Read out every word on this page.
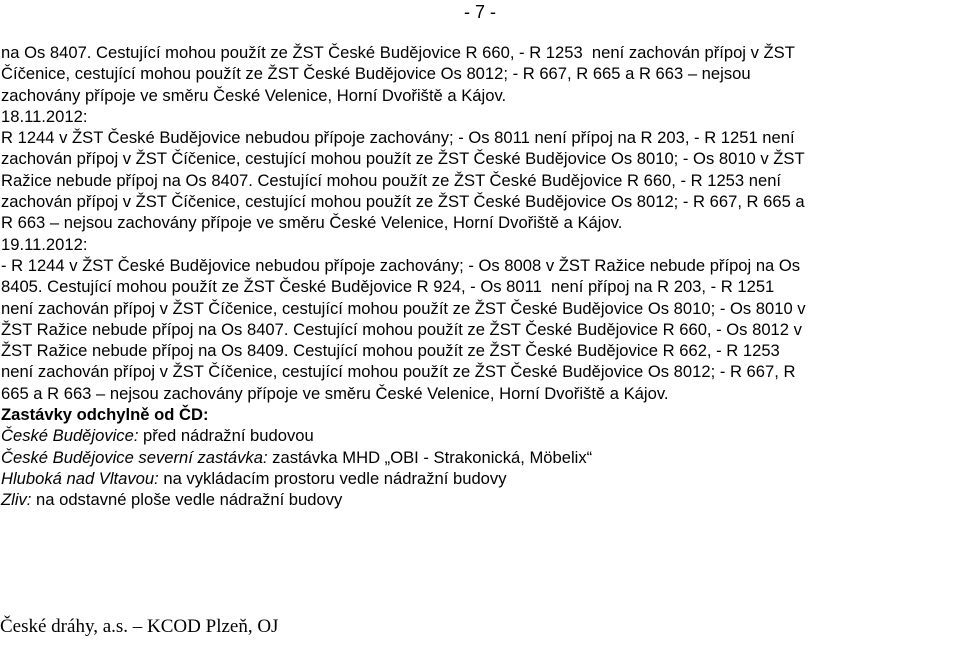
- 7 -
na Os 8407. Cestující mohou použít ze ŽST České Budějovice R 660, - R 1253  není zachován přípoj v ŽST
Číčenice, cestující mohou použít ze ŽST České Budějovice Os 8012; - R 667, R 665 a R 663 – nejsou
zachovány přípoje ve směru České Velenice, Horní Dvořiště a Kájov.
18.11.2012:
R 1244 v ŽST České Budějovice nebudou přípoje zachovány; - Os 8011 není přípoj na R 203, - R 1251 není
zachován přípoj v ŽST Číčenice, cestující mohou použít ze ŽST České Budějovice Os 8010; - Os 8010 v ŽST
Ražice nebude přípoj na Os 8407. Cestující mohou použít ze ŽST České Budějovice R 660, - R 1253 není
zachován přípoj v ŽST Číčenice, cestující mohou použít ze ŽST České Budějovice Os 8012; - R 667, R 665 a
R 663 – nejsou zachovány přípoje ve směru České Velenice, Horní Dvořiště a Kájov.
19.11.2012:
- R 1244 v ŽST České Budějovice nebudou přípoje zachovány; - Os 8008 v ŽST Ražice nebude přípoj na Os
8405. Cestující mohou použít ze ŽST České Budějovice R 924, - Os 8011  není přípoj na R 203, - R 1251
není zachován přípoj v ŽST Číčenice, cestující mohou použít ze ŽST České Budějovice Os 8010; - Os 8010 v
ŽST Ražice nebude přípoj na Os 8407. Cestující mohou použít ze ŽST České Budějovice R 660, - Os 8012 v
ŽST Ražice nebude přípoj na Os 8409. Cestující mohou použít ze ŽST České Budějovice R 662, - R 1253
není zachován přípoj v ŽST Číčenice, cestující mohou použít ze ŽST České Budějovice Os 8012; - R 667, R
665 a R 663 – nejsou zachovány přípoje ve směru České Velenice, Horní Dvořiště a Kájov.
Zastávky odchylně od ČD:
České Budějovice: před nádražní budovou
České Budějovice severní zastávka: zastávka MHD „OBI - Strakonická, Möbelix“
Hluboká nad Vltavou: na vykládacím prostoru vedle nádražní budovy
Zliv: na odstavné ploše vedle nádražní budovy
České dráhy, a.s. – KCOD Plzeň, OJ
